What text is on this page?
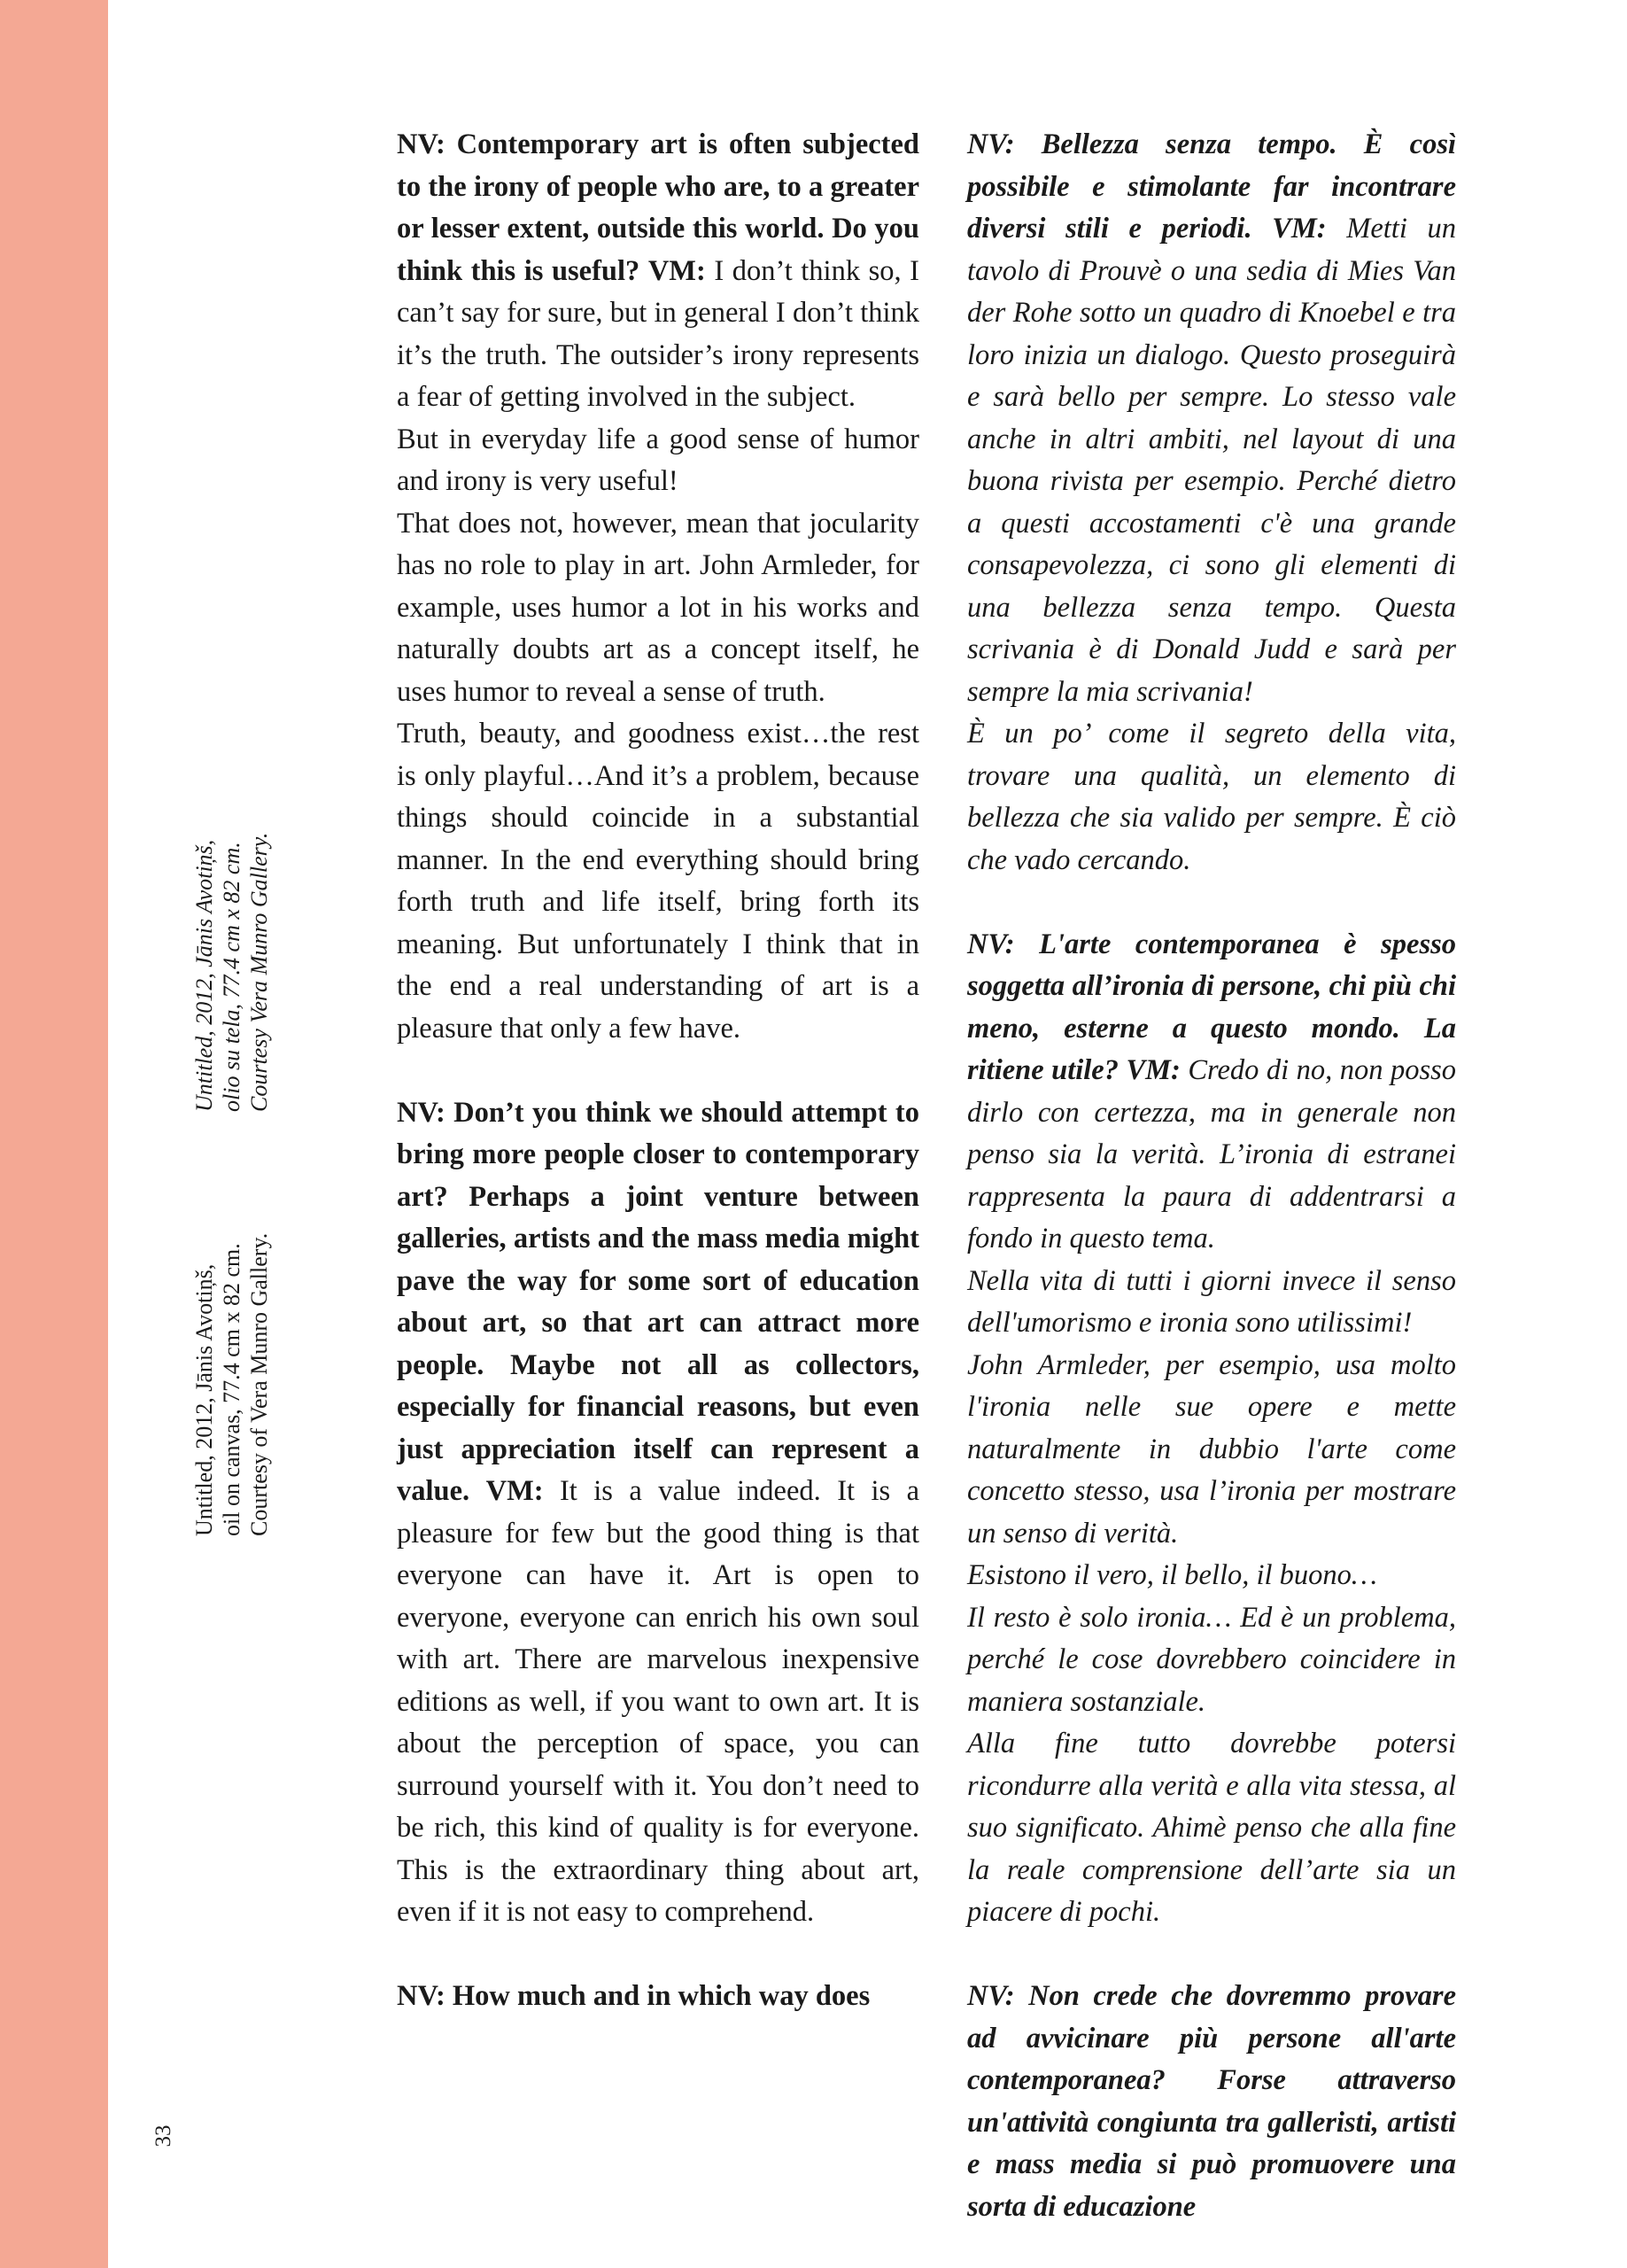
33
Untitled, 2012, Jānis Avotiņš, oil on canvas, 77.4 cm x 82 cm. Courtesy of Vera Munro Gallery.
Untitled, 2012, Jānis Avotiņš, olio su tela, 77.4 cm x 82 cm. Courtesy Vera Munro Gallery.

NV: Contemporary art is often subjected to the irony of people who are, to a greater or lesser extent, outside this world. Do you think this is useful? VM: I don’t think so, I can’t say for sure, but in general I don’t think it’s the truth. The outsider’s irony represents a fear of getting involved in the subject.

But in everyday life a good sense of humor and irony is very useful!

That does not, however, mean that jocularity has no role to play in art. John Armleder, for example, uses humor a lot in his works and naturally doubts art as a concept itself, he uses humor to reveal a sense of truth.

Truth, beauty, and goodness exist…the rest is only playful…And it’s a problem, because things should coincide in a substantial manner. In the end everything should bring forth truth and life itself, bring forth its meaning. But unfortunately I think that in the end a real understanding of art is a pleasure that only a few have.

NV: Don’t you think we should attempt to bring more people closer to contemporary art? Perhaps a joint venture between galleries, artists and the mass media might pave the way for some sort of education about art, so that art can attract more people. Maybe not all as collectors, especially for financial reasons, but even just appreciation itself can represent a value. VM: It is a value indeed. It is a pleasure for few but the good thing is that everyone can have it. Art is open to everyone, everyone can enrich his own soul with art. There are marvelous inexpensive editions as well, if you want to own art. It is about the perception of space, you can surround yourself with it. You don’t need to be rich, this kind of quality is for everyone. This is the extraordinary thing about art, even if it is not easy to comprehend.

NV: How much and in which way does

NV: Bellezza senza tempo. È così possibile e stimolante far incontrare diversi stili e periodi. VM: Metti un tavolo di Prouvè o una sedia di Mies Van der Rohe sotto un quadro di Knoebel e tra loro inizia un dialogo. Questo proseguirà e sarà bello per sempre. Lo stesso vale anche in altri ambiti, nel layout di una buona rivista per esempio. Perché dietro a questi accostamenti c'è una grande consapevolezza, ci sono gli elementi di una bellezza senza tempo. Questa scrivania è di Donald Judd e sarà per sempre la mia scrivania!

È un po’ come il segreto della vita, trovare una qualità, un elemento di bellezza che sia valido per sempre. È ciò che vado cercando.

NV: L'arte contemporanea è spesso soggetta all’ironia di persone, chi più chi meno, esterne a questo mondo. La ritiene utile? VM: Credo di no, non posso dirlo con certezza, ma in generale non penso sia la verità. L’ironia di estranei rappresenta la paura di addentrarsi a fondo in questo tema.

Nella vita di tutti i giorni invece il senso dell'umorismo e ironia sono utilissimi!

John Armleder, per esempio, usa molto l'ironia nelle sue opere e mette naturalmente in dubbio l'arte come concetto stesso, usa l’ironia per mostrare un senso di verità.

Esistono il vero, il bello, il buono…

Il resto è solo ironia… Ed è un problema, perché le cose dovrebbero coincidere in maniera sostanziale.

Alla fine tutto dovrebbe potersi ricondurre alla verità e alla vita stessa, al suo significato. Ahimè penso che alla fine la reale comprensione dell’arte sia un piacere di pochi.

NV: Non crede che dovremmo provare ad avvicinare più persone all'arte contemporanea? Forse attraverso un'attività congiunta tra galleristi, artisti e mass media si può promuovere una sorta di educazione
